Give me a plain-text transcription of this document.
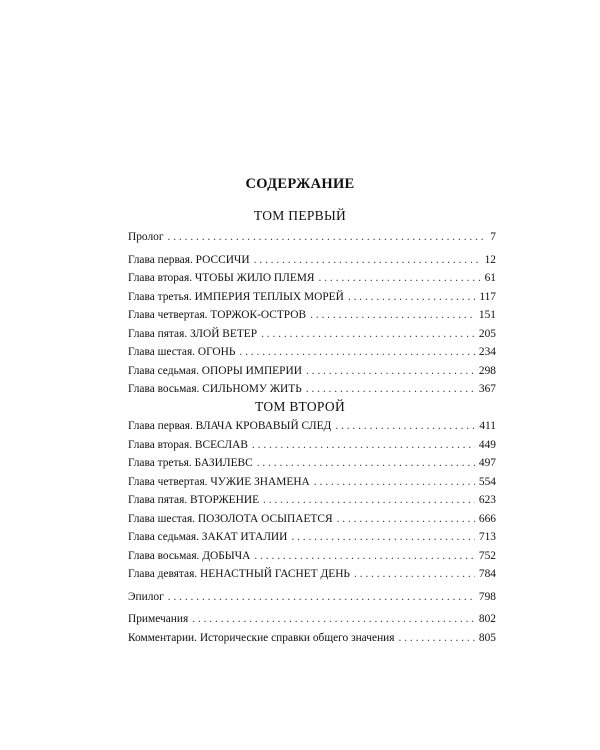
СОДЕРЖАНИЕ
ТОМ ПЕРВЫЙ
Пролог . . .	7
Глава первая. РОССИЧИ . . .	12
Глава вторая. ЧТОБЫ ЖИЛО ПЛЕМЯ . . .	61
Глава третья. ИМПЕРИЯ ТЕПЛЫХ МОРЕЙ . . .	117
Глава четвертая. ТОРЖОК-ОСТРОВ . . .	151
Глава пятая. ЗЛОЙ ВЕТЕР . . .	205
Глава шестая. ОГОНЬ . . .	234
Глава седьмая. ОПОРЫ ИМПЕРИИ . . .	298
Глава восьмая. СИЛЬНОМУ ЖИТЬ . . .	367
ТОМ ВТОРОЙ
Глава первая. ВЛАЧА КРОВАВЫЙ СЛЕД . . .	411
Глава вторая. ВСЕСЛАВ . . .	449
Глава третья. БАЗИЛЕВС . . .	497
Глава четвертая. ЧУЖИЕ ЗНАМЕНА . . .	554
Глава пятая. ВТОРЖЕНИЕ . . .	623
Глава шестая. ПОЗОЛОТА ОСЫПАЕТСЯ . . .	666
Глава седьмая. ЗАКАТ ИТАЛИИ . . .	713
Глава восьмая. ДОБЫЧА . . .	752
Глава девятая. НЕНАСТНЫЙ ГАСНЕТ ДЕНЬ . . .	784
Эпилог . . .	798
Примечания . . .	802
Комментарии. Исторические справки общего значения . . .	805
